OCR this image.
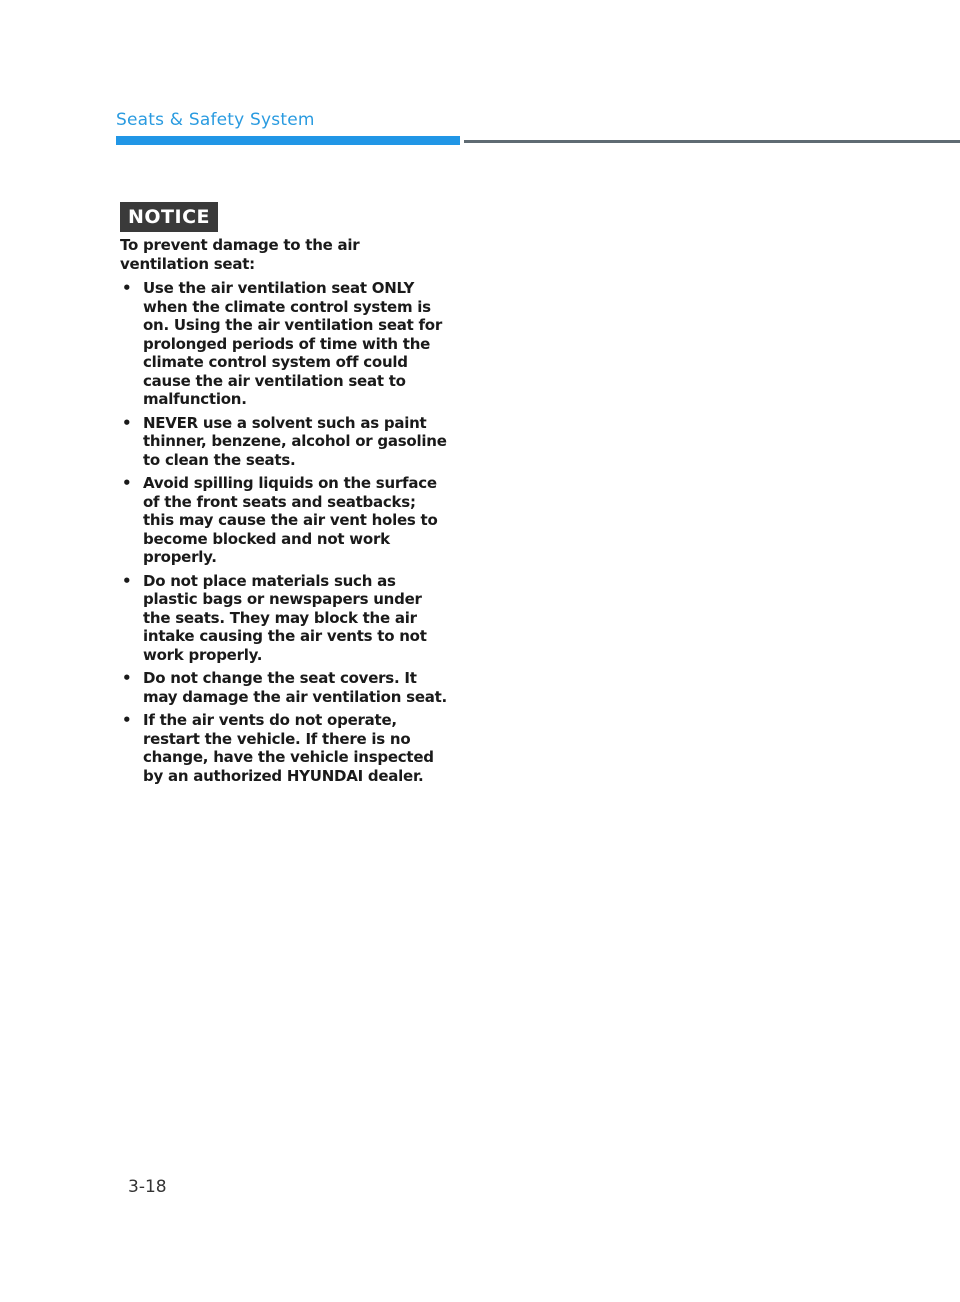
Seats & Safety System
NOTICE

To prevent damage to the air ventilation seat:

• Use the air ventilation seat ONLY when the climate control system is on. Using the air ventilation seat for prolonged periods of time with the climate control system off could cause the air ventilation seat to malfunction.
• NEVER use a solvent such as paint thinner, benzene, alcohol or gasoline to clean the seats.
• Avoid spilling liquids on the surface of the front seats and seatbacks; this may cause the air vent holes to become blocked and not work properly.
• Do not place materials such as plastic bags or newspapers under the seats. They may block the air intake causing the air vents to not work properly.
• Do not change the seat covers. It may damage the air ventilation seat.
• If the air vents do not operate, restart the vehicle. If there is no change, have the vehicle inspected by an authorized HYUNDAI dealer.
3-18
